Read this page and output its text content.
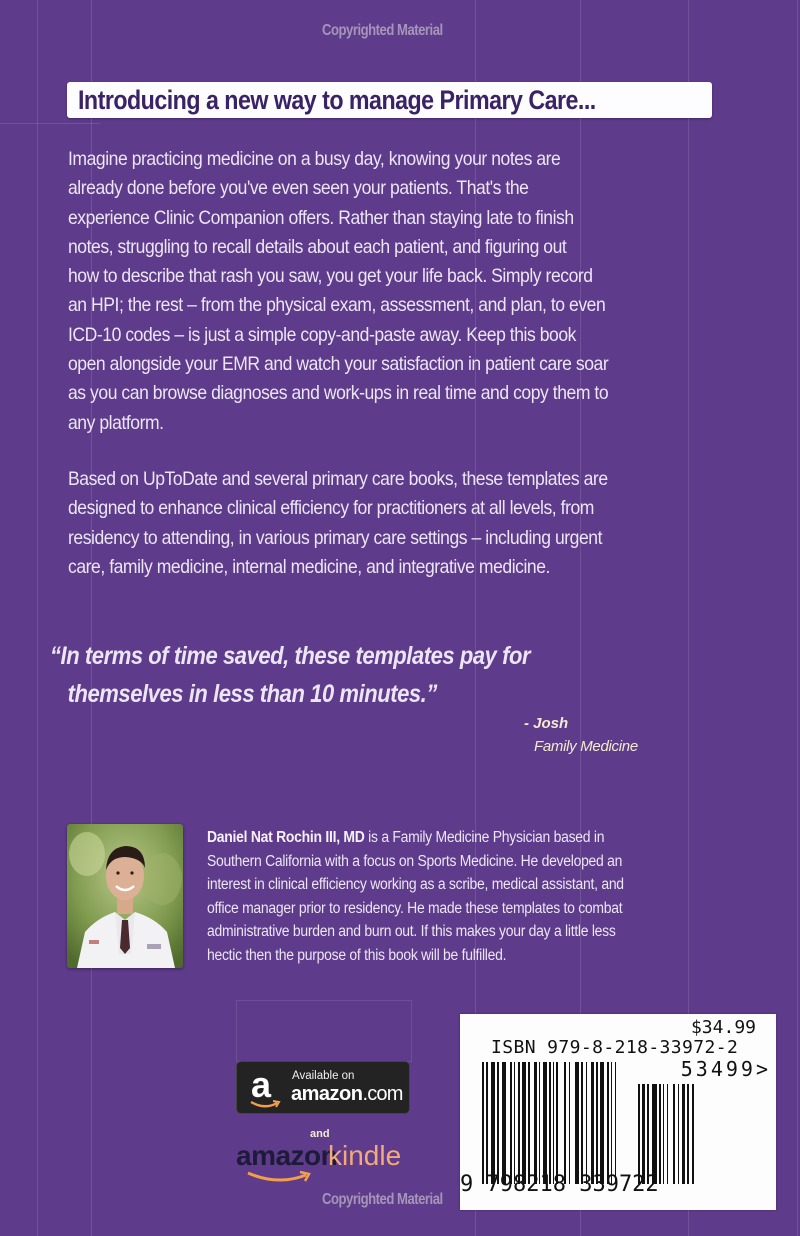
Copyrighted Material
Introducing a new way to manage Primary Care...
Imagine practicing medicine on a busy day, knowing your notes are
already done before you've even seen your patients. That's the
experience Clinic Companion offers. Rather than staying late to finish
notes, struggling to recall details about each patient, and figuring out
how to describe that rash you saw, you get your life back. Simply record
an HPI; the rest – from the physical exam, assessment, and plan, to even
ICD-10 codes – is just a simple copy-and-paste away. Keep this book
open alongside your EMR and watch your satisfaction in patient care soar
as you can browse diagnoses and work-ups in real time and copy them to
any platform.
Based on UpToDate and several primary care books, these templates are
designed to enhance clinical efficiency for practitioners at all levels, from
residency to attending, in various primary care settings – including urgent
care, family medicine, internal medicine, and integrative medicine.
“In terms of time saved, these templates pay for
themselves in less than 10 minutes.”
- Josh
Family Medicine
Daniel Nat Rochin III, MD is a Family Medicine Physician based in
Southern California with a focus on Sports Medicine. He developed an
interest in clinical efficiency working as a scribe, medical assistant, and
office manager prior to residency. He made these templates to combat
administrative burden and burn out. If this makes your day a little less
hectic then the purpose of this book will be fulfilled.
a Available on
amazon.com
and
amazon
kindle
Copyrighted Material
$34.99
ISBN 979-8-218-33972-2
53499>
9 798218 339722
